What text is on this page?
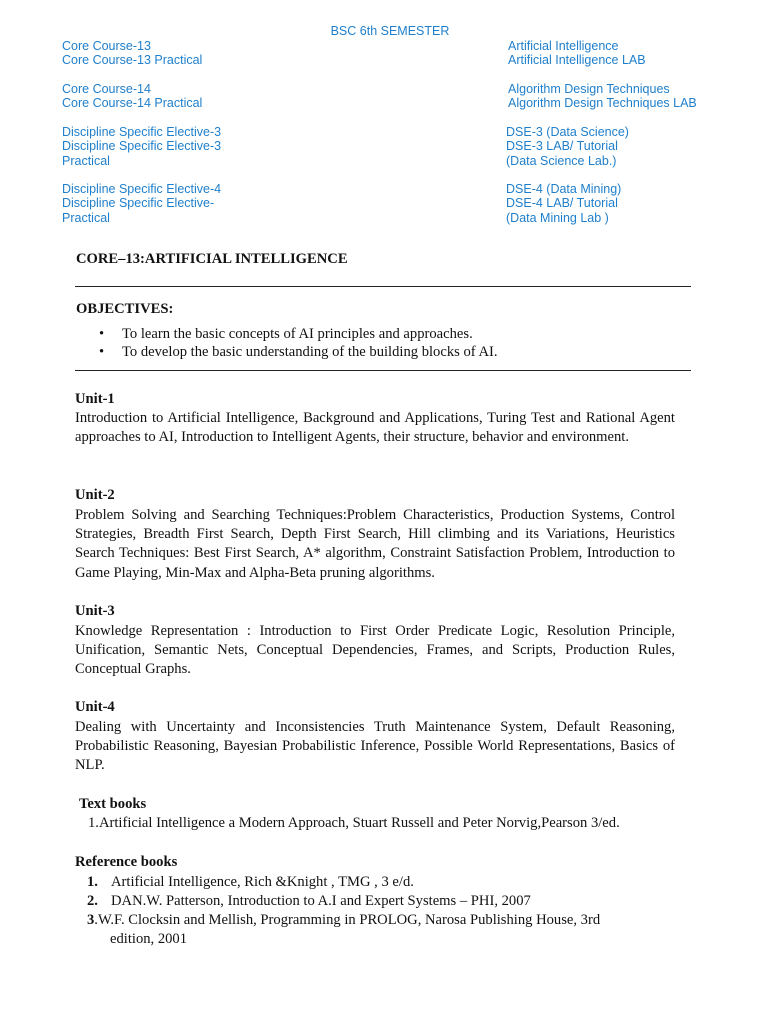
BSC 6th SEMESTER
Core Course-13
Core Course-13 Practical
Artificial Intelligence
Artificial Intelligence LAB
Core Course-14
Core Course-14 Practical
Algorithm Design Techniques
Algorithm Design Techniques LAB
Discipline Specific Elective-3
Discipline Specific Elective-3
Practical
DSE-3 (Data Science)
DSE-3 LAB/ Tutorial
(Data Science Lab.)
Discipline Specific Elective-4
Discipline Specific Elective-
Practical
DSE-4 (Data Mining)
DSE-4 LAB/ Tutorial
(Data Mining Lab )
CORE–13:ARTIFICIAL INTELLIGENCE
OBJECTIVES:
• To learn the basic concepts of AI principles and approaches.
• To develop the basic understanding of the building blocks of AI.
Unit-1
Introduction to Artificial Intelligence, Background and Applications, Turing Test and Rational Agent approaches to AI, Introduction to Intelligent Agents, their structure, behavior and environment.
Unit-2
Problem Solving and Searching Techniques:Problem Characteristics, Production Systems, Control Strategies, Breadth First Search, Depth First Search, Hill climbing and its Variations, Heuristics Search Techniques: Best First Search, A* algorithm, Constraint Satisfaction Problem, Introduction to Game Playing, Min-Max and Alpha-Beta pruning algorithms.
Unit-3
Knowledge Representation : Introduction to First Order Predicate Logic, Resolution Principle, Unification, Semantic Nets, Conceptual Dependencies, Frames, and Scripts, Production Rules, Conceptual Graphs.
Unit-4
Dealing with Uncertainty and Inconsistencies Truth Maintenance System, Default Reasoning, Probabilistic Reasoning, Bayesian Probabilistic Inference, Possible World Representations, Basics of NLP.
Text books
1.Artificial Intelligence a Modern Approach, Stuart Russell and Peter Norvig,Pearson 3/ed.
Reference books
1. Artificial Intelligence, Rich &Knight , TMG , 3 e/d.
2. DAN.W. Patterson, Introduction to A.I and Expert Systems – PHI, 2007
3.W.F. Clocksin and Mellish, Programming in PROLOG, Narosa Publishing House, 3rd
edition, 2001
